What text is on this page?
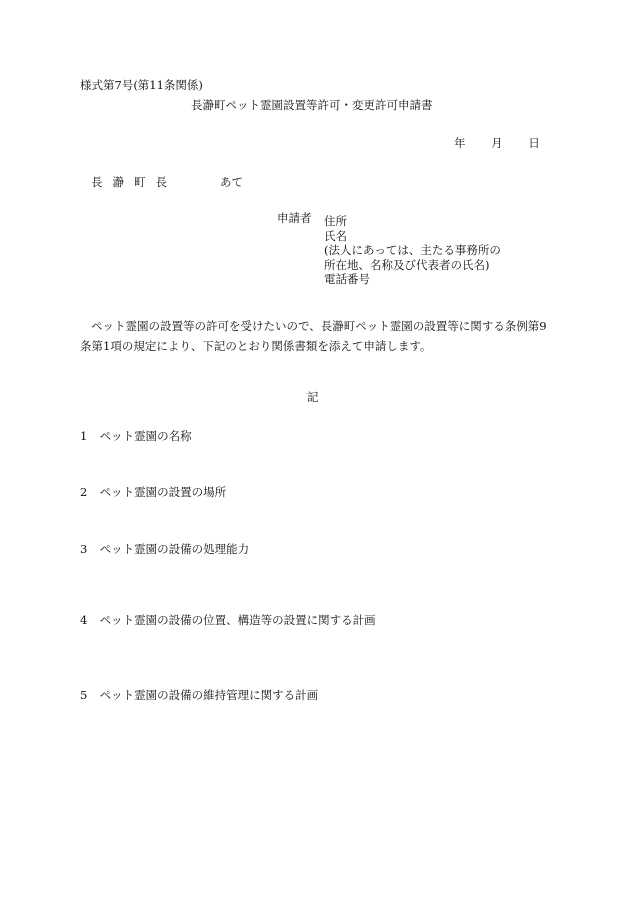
様式第7号(第11条関係)
長瀞町ペット霊園設置等許可・変更許可申請書
年 月 日
長瀞町長	あて
申請者 住所
氏名
(法人にあっては、主たる事務所の
所在地、名称及び代表者の氏名)
電話番号
ペット霊園の設置等の許可を受けたいので、長瀞町ペット霊園の設置等に関する条例第9
条第1項の規定により、下記のとおり関係書類を添えて申請します。
記
1 ペット霊園の名称
2 ペット霊園の設置の場所
3 ペット霊園の設備の処理能力
4 ペット霊園の設備の位置、構造等の設置に関する計画
5 ペット霊園の設備の維持管理に関する計画
